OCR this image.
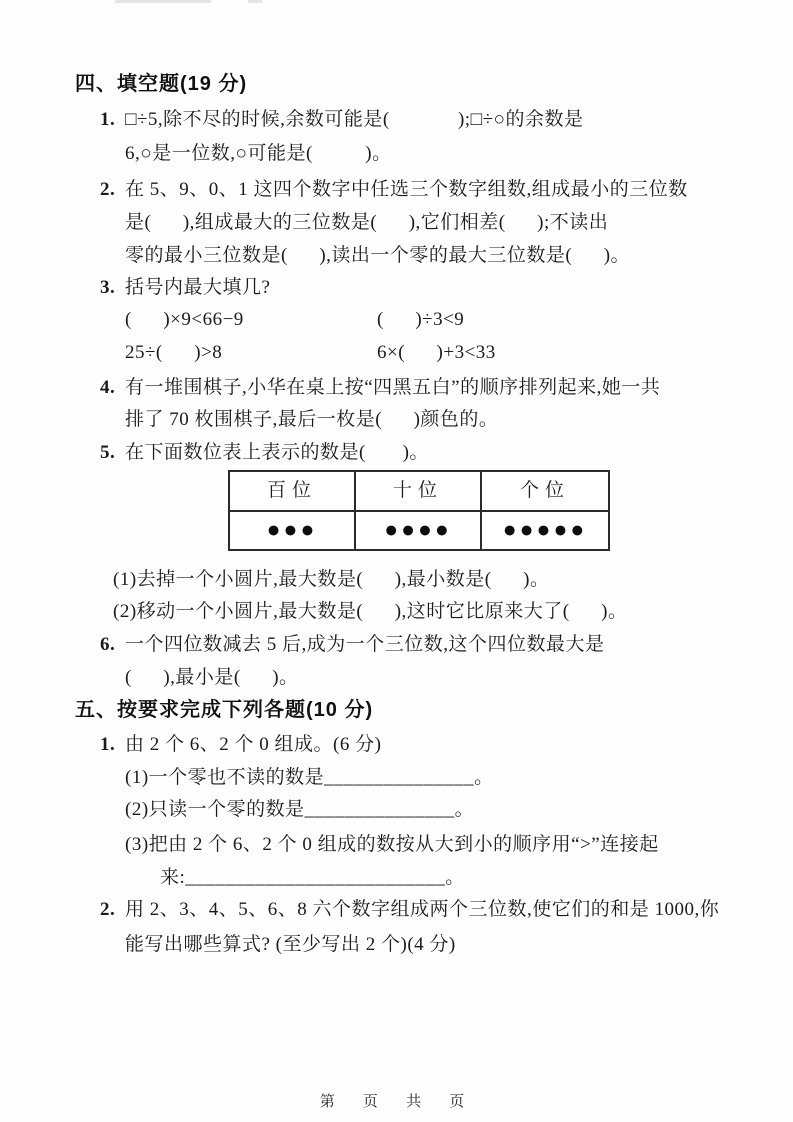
四、填空题(19 分)
1. □÷5,除不尽的时候,余数可能是(             );□÷○的余数是
6,○是一位数,○可能是(          )。
2. 在 5、9、0、1 这四个数字中任选三个数字组数,组成最小的三位数
是(      ),组成最大的三位数是(      ),它们相差(      );不读出
零的最小三位数是(      ),读出一个零的最大三位数是(      )。
3. 括号内最大填几?
(      )×9<66−9	(      )÷3<9
25÷(      )>8	6×(      )+3<33
4. 有一堆围棋子,小华在桌上按“四黑五白”的顺序排列起来,她一共
排了 70 枚围棋子,最后一枚是(      )颜色的。
5. 在下面数位表上表示的数是(       )。
百位	十位	个位
●●●	●●●●	●●●●●
(1)去掉一个小圆片,最大数是(      ),最小数是(      )。
(2)移动一个小圆片,最大数是(      ),这时它比原来大了(      )。
6. 一个四位数减去 5 后,成为一个三位数,这个四位数最大是
(      ),最小是(      )。
五、按要求完成下列各题(10 分)
1. 由 2 个 6、2 个 0 组成。(6 分)
(1)一个零也不读的数是_______________。
(2)只读一个零的数是_______________。
(3)把由 2 个 6、2 个 0 组成的数按从大到小的顺序用“>”连接起
来:__________________________。
2. 用 2、3、4、5、6、8 六个数字组成两个三位数,使它们的和是 1000,你
能写出哪些算式? (至少写出 2 个)(4 分)
第 页 共 页
